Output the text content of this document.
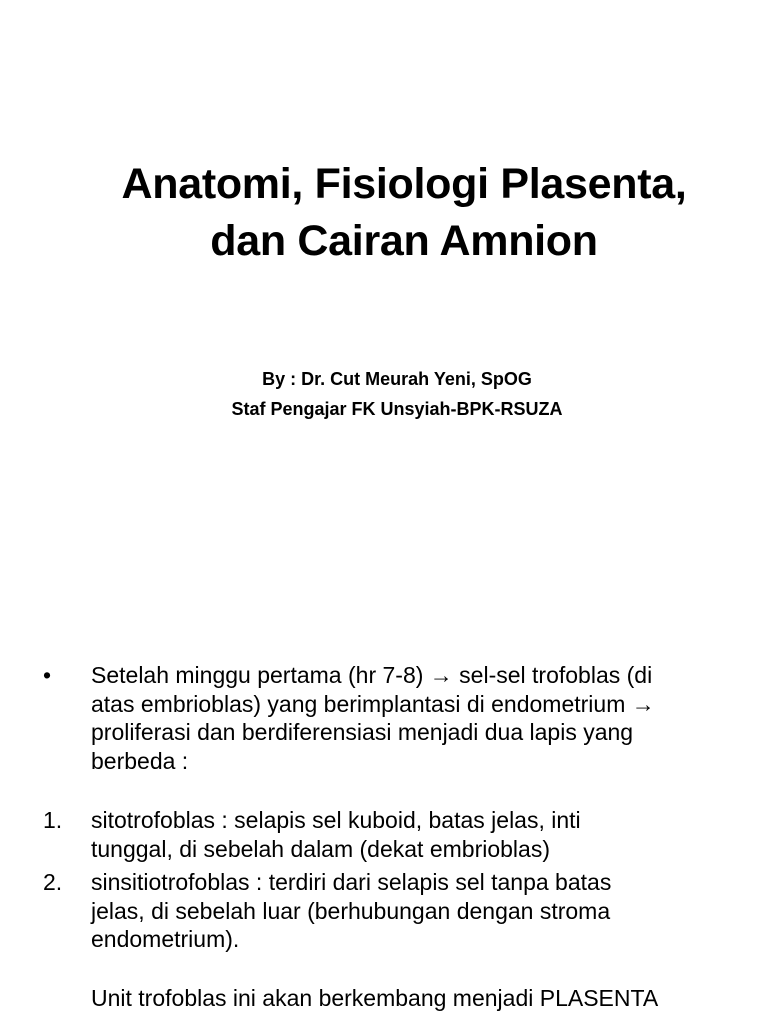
Anatomi, Fisiologi Plasenta,
dan Cairan Amnion
By : Dr. Cut Meurah Yeni, SpOG
Staf Pengajar FK Unsyiah-BPK-RSUZA
• Setelah minggu pertama (hr 7-8) → sel-sel trofoblas (di
atas embrioblas) yang berimplantasi di endometrium →
proliferasi dan berdiferensiasi menjadi dua lapis yang
berbeda :
1. sitotrofoblas : selapis sel kuboid, batas jelas, inti
tunggal, di sebelah dalam (dekat embrioblas)
2. sinsitiotrofoblas : terdiri dari selapis sel tanpa batas
jelas, di sebelah luar (berhubungan dengan stroma
endometrium).
Unit trofoblas ini akan berkembang menjadi PLASENTA
